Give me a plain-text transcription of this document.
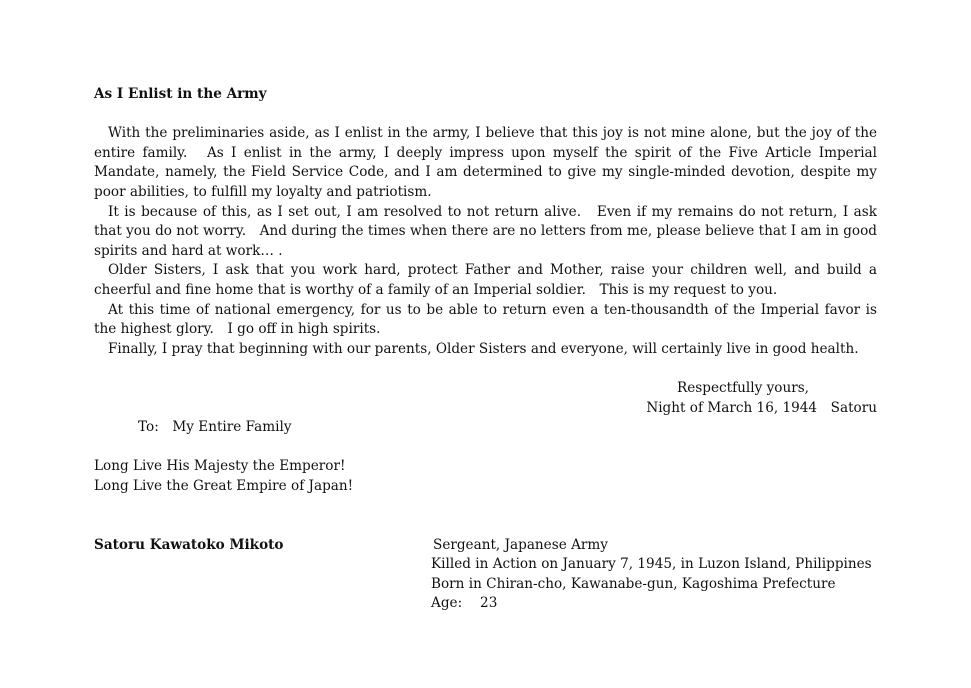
As I Enlist in the Army

With the preliminaries aside, as I enlist in the army, I believe that this joy is not mine alone, but the joy of the entire family.　As I enlist in the army, I deeply impress upon myself the spirit of the Five Article Imperial Mandate, namely, the Field Service Code, and I am determined to give my single-minded devotion, despite my poor abilities, to fulfill my loyalty and patriotism.

It is because of this, as I set out, I am resolved to not return alive.　Even if my remains do not return, I ask that you do not worry.　And during the times when there are no letters from me, please believe that I am in good spirits and hard at work… .

Older Sisters, I ask that you work hard, protect Father and Mother, raise your children well, and build a cheerful and fine home that is worthy of a family of an Imperial soldier.　This is my request to you.

At this time of national emergency, for us to be able to return even a ten-thousandth of the Imperial favor is the highest glory.　I go off in high spirits.

Finally, I pray that beginning with our parents, Older Sisters and everyone, will certainly live in good health.

Respectfully yours,
Night of March 16, 1944　Satoru
To:　My Entire Family
Long Live His Majesty the Emperor!
Long Live the Great Empire of Japan!
Satoru Kawatoko Mikoto	Sergeant, Japanese Army
Killed in Action on January 7, 1945, in Luzon Island, Philippines
Born in Chiran-cho, Kawanabe-gun, Kagoshima Prefecture
Age:　 23
